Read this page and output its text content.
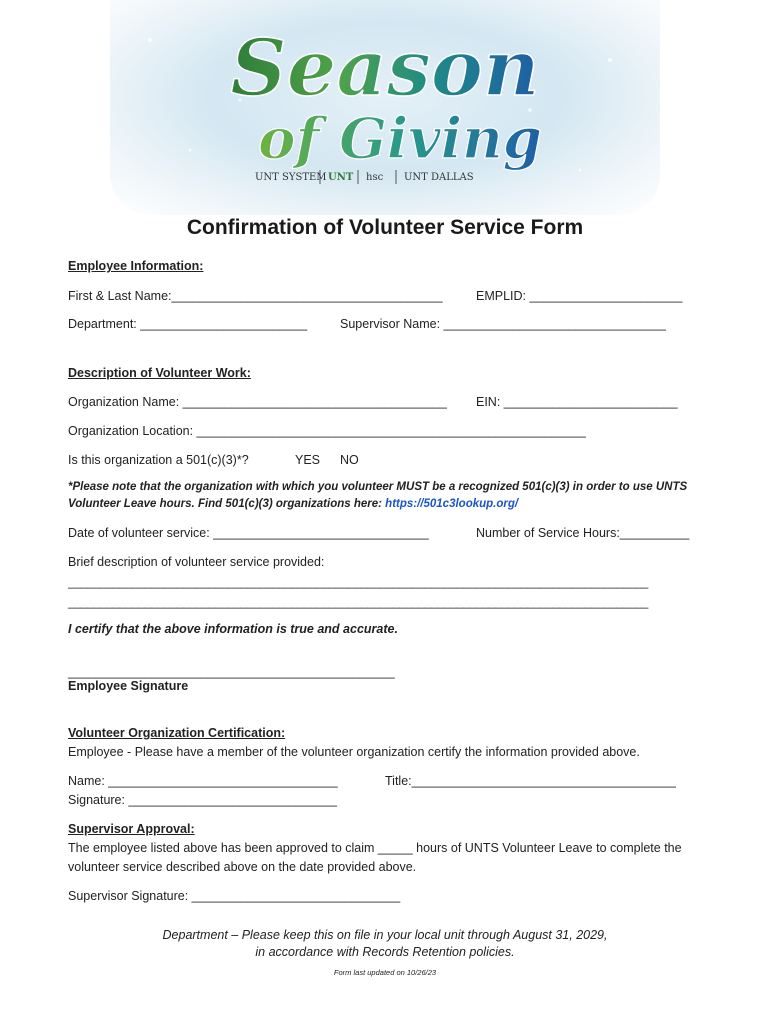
Season
of Giving
UNT SYSTEM UNT hsc UNT DALLAS
Confirmation of Volunteer Service Form
Employee Information:
First & Last Name:_______________________________________	EMPLID: ______________________
Department: ________________________	Supervisor Name: ________________________________
Description of Volunteer Work:
Organization Name: ______________________________________ EIN: _________________________
Organization Location: ________________________________________________________
Is this organization a 501(c)(3)*?	YES NO
*Please note that the organization with which you volunteer MUST be a recognized 501(c)(3) in order to use UNTS
Volunteer Leave hours. Find 501(c)(3) organizations here: https://501c3lookup.org/
Date of volunteer service: _______________________________	Number of Service Hours:__________
Brief description of volunteer service provided:
___________________________________________________________________________________________
___________________________________________________________________________________________
I certify that the above information is true and accurate.
_______________________________________________
Employee Signature
Volunteer Organization Certification:
Employee - Please have a member of the volunteer organization certify the information provided above.
Name: _________________________________	Title:______________________________________
Signature: ______________________________
Supervisor Approval:
The employee listed above has been approved to claim _____ hours of UNTS Volunteer Leave to complete the
volunteer service described above on the date provided above.
Supervisor Signature: ______________________________
Department – Please keep this on file in your local unit through August 31, 2029,
in accordance with Records Retention policies.
Form last updated on 10/26/23
